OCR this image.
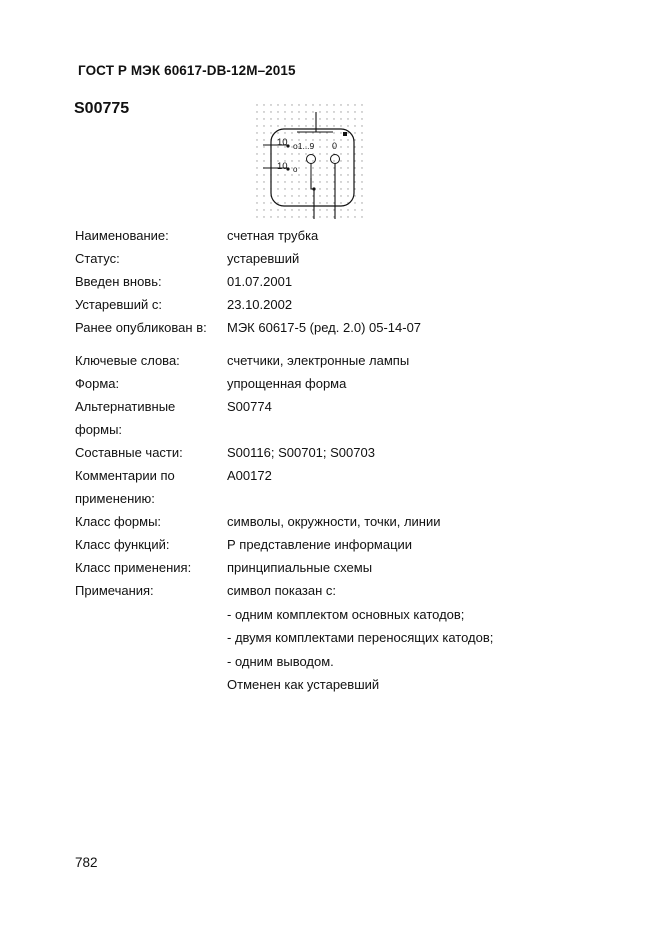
ГОСТ Р МЭК 60617-DB-12M–2015
S00775
10 o1...9 0
10 o
Наименование:	счетная трубка
Статус:	устаревший
Введен вновь:	01.07.2001
Устаревший с:	23.10.2002
Ранее опубликован в:	МЭК 60617-5 (ред. 2.0) 05-14-07
Ключевые слова:	счетчики, электронные лампы
Форма:	упрощенная форма
Альтернативные
формы:
S00774
Составные части:	S00116; S00701; S00703
Комментарии по
применению:
A00172
Класс формы:	символы, окружности, точки, линии
Класс функций:	Р представление информации
Класс применения:	принципиальные схемы
Примечания:	символ показан с:
- одним комплектом основных катодов;
- двумя комплектами переносящих катодов;
- одним выводом.
Отменен как устаревший
782
